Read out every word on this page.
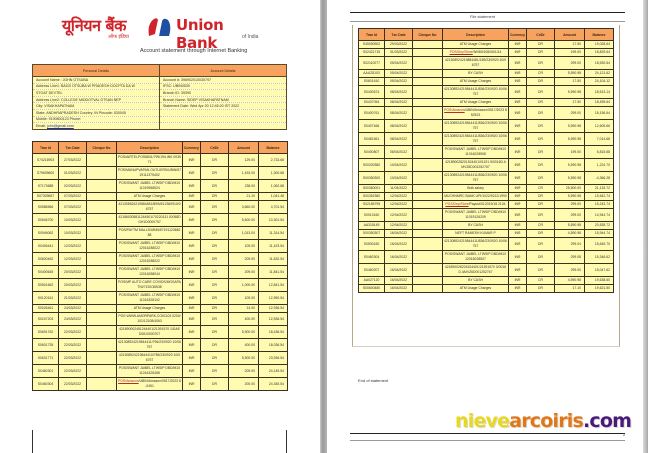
यूनियन बैंक
ऑफ इंडिया
Union Bank	of India
Account statement through Internet Banking
Personal Details	Account Details
Account Name : JOHN OTSUBA	Account #: 396902010030797
Address Line1: BAGS OTSUBA W PRADESH DOCPTA DA W	IFSC: UBIN0539
STOAT DEVTEL	Branch ID: 39390
Address Line2: COLLEGE MIDDOTVAL DTSAN NEP	Branch Name: SIDEP VISAKHAPATNAM
City: VISAKHAPATNAM	Statement Date: Wed Apr 20 12:45:20 IST 2022
State: ANDHRAPRADESH Country: IN Pincode: 530045	
Mobile: 9190800123 Phone:	
Email: john@gmail.com	
Tran Id	Txn Date	Cheque No	Description	Currency	Cr/Dr	Amount	Balance
S74216903	27/03/2022		POS/AIRTELPOS8801/799/19/LINK 003571	INR	DR	129.00	2,733.68
S79639600	01/03/2022		POS/MANUPVAPAN OUTLIERS/UBIN/5719111375402	INR	DR	1,433.00	1,300.68
S7173688	02/03/2022		POS/SWANT JAIBEL LTWSIP DBD/M1011019958524	INR	DR	238.00	1,062.68
S07309657	07/03/2022		ATM Usage Charges	INR	DR	21.20	1,041.48
S0586566	07/03/2022		421308524219884481/89/MI/12360910/06757	INR	DR	3,660.00	4,701.54
S0646700	10/03/2022		421860305811244501/70220131 ID058DGH1D0000757	INR	DR	5,600.00	10,301.54
S0946062	10/03/2022		POS/PAYTM MALLS/UBIN/5719112368288	INR	DR	1,013.00	11,314.54
S0406441	12/03/2022		POS/SWANT JAIBEL LTWSIP DBD/M1012016288022	INR	DR	109.00	11,423.54
S0600462	12/03/2022		POS/SWANT JAIBEL LTWSIP DBD/M1012016288022	INR	DR	209.00	11,632.54
S0400645	20/03/2022		POS/SWANT JAIBEL LTWSIP DBD/M1012016288044	INR	DR	209.00	11,841.54
S0501662	20/03/2022		POS/MP AUTO CARE COVIDS/MGSAPATNI/7192/36538	INR	DR	1,000.00	12,841.54
S0120161	21/03/2022		POS/SWANT JAIBEL LTWSIP DBD/M1011016328102	INR	DR	109.00	12,950.54
S0026461	24/03/2022		ATM Usage Charges	INR	DR	14.00	12,936.54
S0247203	24/03/2022		POS WWW.AMORPARK.COIG103 0200/101/12108/4063	INR	DR	400.00	12,536.54
S0691762	22/03/2022		421890002451244401/21391570 1/DAED0810000707	INR	DR	5,900.00	18,436.54
S0601735	22/03/2022		421308924219844411/796/23/0920 10/06757	INR	DR	400.00	18,036.54
S0631771	22/03/2022		421308924219844410/785/23/0920 10/06757	INR	DR	5,900.00	23,936.54
S0460301	22/03/2022		POS/SWANT JAIBEL LTWSIP DBD/M1011016328458	INR	DR	209.00	24,145.54
S0460304	22/03/2022		POS/Amazon/UBIN/Amazon/0517/2023 8-0451	INR	DR	200.00	24,345.54
File statement
Tran Id	Txn Date	Cheque No	Description	Currency	Cr/Dr	Amount	Balance
S45090902	29/03/2022		ATM Usage Charges	INR	DR	17.50	19,028.64
S02421715	31/03/2022		POS/Dey/Store/IW/69/108/06/1/14	INR	DR	199.00	18,829.64
S02110077	05/04/2022		421308924219884481/189/23/0920 10/06757	INR	DR	299.00	18,530.64
AAUZ8103	05/04/2022		BY CASH	INR	CR	5,590.98	24,121.62
S0601610	05/04/2022		ATM Usage Charges	INR	DR	17.50	24,104.12
S0430574	08/04/2022		421308924219844411/836/23/0920 10/06757	INR	DR	5,590.98	18,513.14
S0437054	08/04/2022		ATM Usage Charges	INR	DR	17.50	18,495.64
S0400761	08/04/2022		POS/Amazon/UBIN/Amazon/0517/2023 852523	INR	DR	299.00	18,196.64
S0407466	08/04/2022		421308924219844411/836/23/0920 10/06757	INR	DR	5,590.98	12,605.66
S0481561	08/04/2022		421308924219844411/836/23/0920 10/06757	INR	DR	5,590.98	7,014.68
S0400807	08/04/2022		POS/SWANT JAIBEL LTWSIP DBD/M1011016028508	INR	DR	199.00	6,815.68
S00200380	10/04/2022		421890028201524401/01191 5/0016D AMVZ6D001252767	INR	DR	5,590.98	1,224.70
S00350300	10/04/2022		421308924219844411/836/23/0920 10/06757	INR	DR	5,590.98	-4,366.28
S00360001	11/04/2022		Bulk salary	INR	CR	25,500.00	21,133.72
S00352380	12/04/2022		MUCHNMRC BANK UPI/1022/9212/1990	INR	DR	5,590.98	15,542.74
S02185795	12/04/2022		POS/Dey/Store/Payout/012019/18 2104	INR	DR	299.00	15,243.74
S0013160	12/04/2022		POS/SWANT JAIBEL LTWSIP DBD/M1011019126209	INR	DR	299.00	14,944.74
AA315149	12/04/2022		BY CASH	INR	CR	5,590.98	20,535.72
S00350307	16/04/2022		NEFT RAMESH KUMAR P	INR	DR	4,590.98	15,944.74
S0500430	16/04/2022		421308924219844411/836/23/0920 10/06757	INR	DR	299.04	15,645.70
S0460304	16/04/2022		POS/SWANT JAIBEL LTWSIP DBD/M1012016028507	INR	DR	299.08	15,346.62
S0460207	16/04/2022		421890028201524401/21391570 3/0016D AMVZ6D001252767	INR	DR	299.00	15,047.62
AA027120	16/04/2022		BY CASH	INR	CR	4,590.98	19,638.60
S00600480	16/04/2022		ATM Usage Charges	INR	DR	17.10	19,621.50
End of statement
nievearcoiris.com
2
